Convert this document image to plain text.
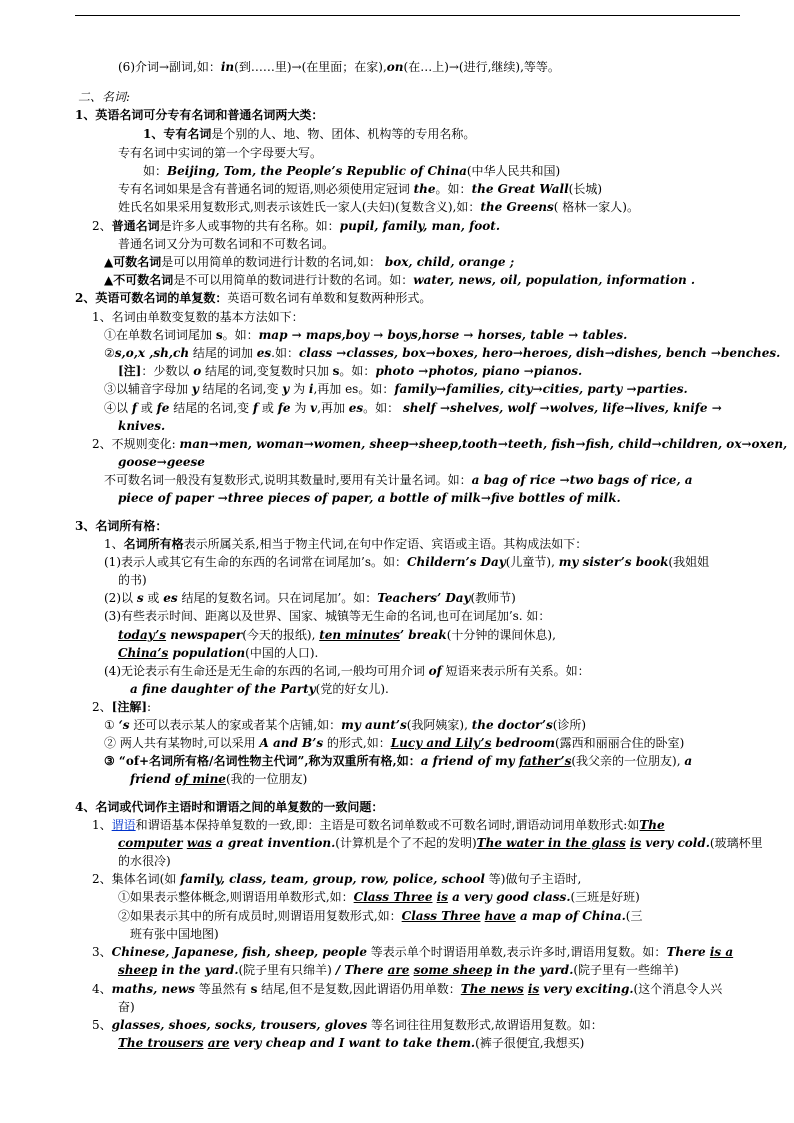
(6)介词→副词,如：in(到……里)→(在里面；在家),on(在…上)→(进行,继续),等等。
二、名词:
1、英语名词可分专有名词和普通名词两大类：
1、专有名词是个别的人、地、物、团体、机构等的专用名称。
专有名词中实词的第一个字母要大写。
如：Beijing, Tom, the People’s Republic of China(中华人民共和国)
专有名词如果是含有普通名词的短语,则必须使用定冠词 the。如：the Great Wall(长城)
姓氏名如果采用复数形式,则表示该姓氏一家人(夫妇)(复数含义),如：the Greens( 格林一家人)。
2、普通名词是许多人或事物的共有名称。如：pupil, family, man, foot.
普通名词又分为可数名词和不可数名词。
▲可数名词是可以用简单的数词进行计数的名词,如： box, child, orange ;
▲不可数名词是不可以用简单的数词进行计数的名词。如：water, news, oil, population, information .
2、英语可数名词的单复数：英语可数名词有单数和复数两种形式。
1、名词由单数变复数的基本方法如下：
①在单数名词词尾加 s。如：map → maps,boy → boys,horse → horses, table → tables.
②s,o,x ,sh,ch 结尾的词加 es.如：class →classes, box→boxes, hero→heroes, dish→dishes, bench →benches.
[注]：少数以 o 结尾的词,变复数时只加 s。如：photo →photos, piano →pianos.
③以辅音字母加 y 结尾的名词,变 y 为 i,再加 es。如：family→families, city→cities, party →parties.
④以 f 或 fe 结尾的名词,变 f 或 fe 为 v,再加 es。如： shelf →shelves, wolf →wolves, life→lives, knife →
knives.
2、不规则变化: man→men, woman→women, sheep→sheep,tooth→teeth, fish→fish, child→children, ox→oxen,
goose→geese
不可数名词一般没有复数形式,说明其数量时,要用有关计量名词。如：a bag of rice →two bags of rice, a
piece of paper →three pieces of paper, a bottle of milk→five bottles of milk.
3、名词所有格：
1、名词所有格表示所属关系,相当于物主代词,在句中作定语、宾语或主语。其构成法如下：
(1)表示人或其它有生命的东西的名词常在词尾加’s。如：Childern’s Day(儿童节), my sister’s book(我姐姐
的书)
(2)以 s 或 es 结尾的复数名词。只在词尾加’。如：Teachers’ Day(教师节)
(3)有些表示时间、距离以及世界、国家、城镇等无生命的名词,也可在词尾加’s. 如：
today’s newspaper(今天的报纸), ten minutes’ break(十分钟的课间休息),
China’s population(中国的人口).
(4)无论表示有生命还是无生命的东西的名词,一般均可用介词 of 短语来表示所有关系。如：
a fine daughter of the Party(党的好女儿).
2、[注解]:
① ‘s 还可以表示某人的家或者某个店铺,如：my aunt’s(我阿姨家), the doctor’s(诊所)
② 两人共有某物时,可以采用 A and B’s 的形式,如：Lucy and Lily’s bedroom(露西和丽丽合住的卧室)
③ “of+名词所有格/名词性物主代词”,称为双重所有格,如：a friend of my father’s(我父亲的一位朋友), a
friend of mine(我的一位朋友)
4、名词或代词作主语时和谓语之间的单复数的一致问题：
1、谓语和谓语基本保持单复数的一致,即：主语是可数名词单数或不可数名词时,谓语动词用单数形式:如The
computer was a great invention.(计算机是个了不起的发明)The water in the glass is very cold.(玻璃杯里
的水很冷)
2、集体名词(如 family, class, team, group, row, police, school 等)做句子主语时,
①如果表示整体概念,则谓语用单数形式,如：Class Three is a very good class.(三班是好班)
②如果表示其中的所有成员时,则谓语用复数形式,如：Class Three have a map of China.(三
班有张中国地图)
3、Chinese, Japanese, fish, sheep, people 等表示单个时谓语用单数,表示许多时,谓语用复数。如：There is a
sheep in the yard.(院子里有只绵羊) / There are some sheep in the yard.(院子里有一些绵羊)
4、maths, news 等虽然有 s 结尾,但不是复数,因此谓语仍用单数：The news is very exciting.(这个消息令人兴
奋)
5、glasses, shoes, socks, trousers, gloves 等名词往往用复数形式,故谓语用复数。如：
The trousers are very cheap and I want to take them.(裤子很便宜,我想买)
